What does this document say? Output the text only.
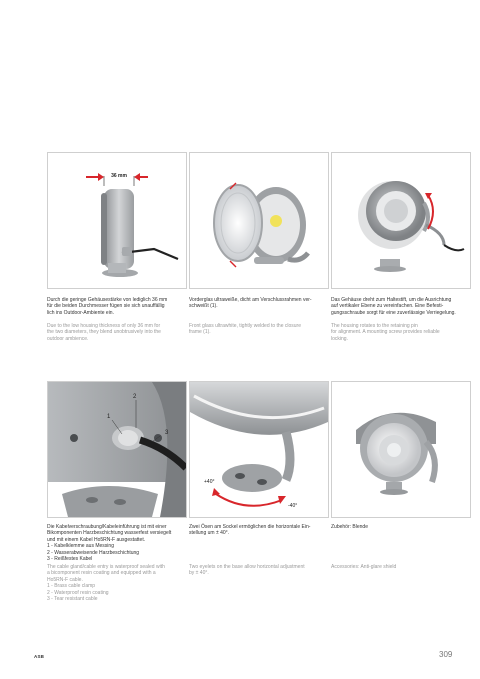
36 mm
Durch die geringe Gehäusestärke von lediglich 36 mm
für die beiden Durchmesser fügen sie sich unauffällig
lich ins Outdoor-Ambiente ein.
Due to the low housing thickness of only 36 mm for
the two diameters, they blend unobtrusively into the
outdoor ambience.
Vorderglas ultraweiße, dicht am Verschlussrahmen ver-
schweißt (1).
Front glass ultrawhite, tightly welded to the closure
frame (1).
Das Gehäuse dreht zum Haltestift, um die Ausrichtung
auf vertikaler Ebene zu vereinfachen. Eine Befesti-
gungsschraube sorgt für eine zuverlässige Verriegelung.
The housing rotates to the retaining pin
for alignment. A mounting screw provides reliable
locking.
1
2
3
+40°
-40°
Die Kabelverschraubung/Kabeleinführung ist mit einer
Bikomponenten Harzbeschichtung wasserfest versiegelt
und mit einem Kabel Ho5RN-F ausgestattet.
1 - Kabelklemme aus Messing
2 - Wasserabweisende Harzbeschichtung
3 - Reißfestes Kabel
The cable gland/cable entry is waterproof sealed with
a bicomponent resin coating and equipped with a
Ho5RN-F cable.
1 - Brass cable clamp
2 - Waterproof resin coating
3 - Tear resistant cable
Zwei Ösen am Sockel ermöglichen die horizontale Ein-
stellung um ± 40°.
Two eyelets on the base allow horizontal adjustment
by ± 40°.
Zubehör: Blende
Accessories: Anti-glare shield
ASB	309
